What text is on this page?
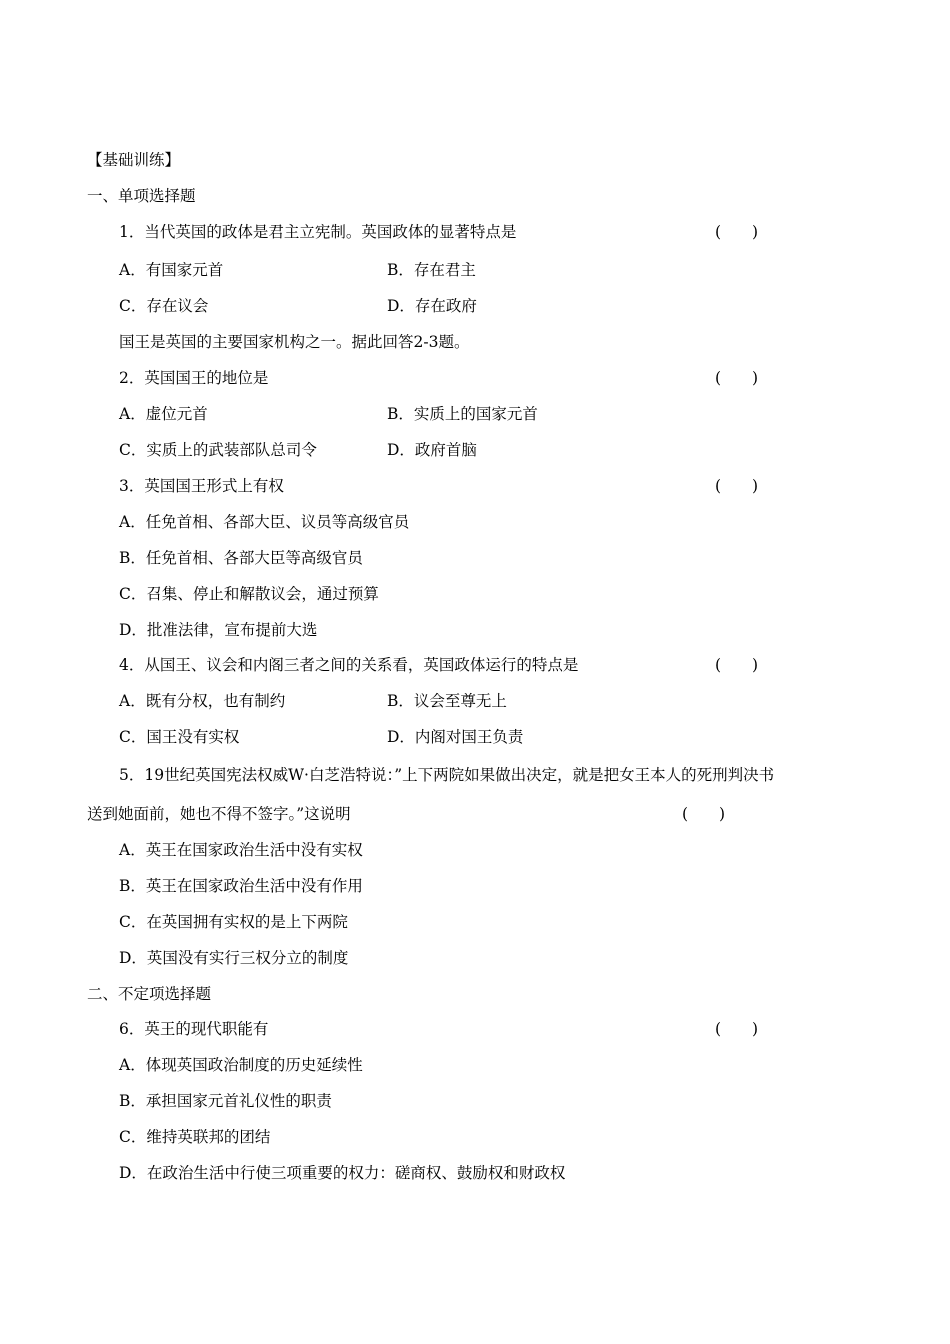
【基础训练】
一、单项选择题
1．当代英国的政体是君主立宪制。英国政体的显著特点是	(　　)
A．有国家元首	B．存在君主
C．存在议会	D．存在政府
国王是英国的主要国家机构之一。据此回答2-3题。
2．英国国王的地位是	(　　)
A．虚位元首	B．实质上的国家元首
C．实质上的武装部队总司令	D．政府首脑
3．英国国王形式上有权	(　　)
A．任免首相、各部大臣、议员等高级官员
B．任免首相、各部大臣等高级官员
C．召集、停止和解散议会，通过预算
D．批准法律，宣布提前大选
4．从国王、议会和内阁三者之间的关系看，英国政体运行的特点是	(　　)
A．既有分权，也有制约	B．议会至尊无上
C．国王没有实权	D．内阁对国王负责
5．19世纪英国宪法权威W·白芝浩特说：”上下两院如果做出决定，就是把女王本人的死刑判决书
送到她面前，她也不得不签字。”这说明	(　　)
A．英王在国家政治生活中没有实权
B．英王在国家政治生活中没有作用
C．在英国拥有实权的是上下两院
D．英国没有实行三权分立的制度
二、不定项选择题
6．英王的现代职能有	(　　)
A．体现英国政治制度的历史延续性
B．承担国家元首礼仪性的职责
C．维持英联邦的团结
D．在政治生活中行使三项重要的权力：磋商权、鼓励权和财政权
